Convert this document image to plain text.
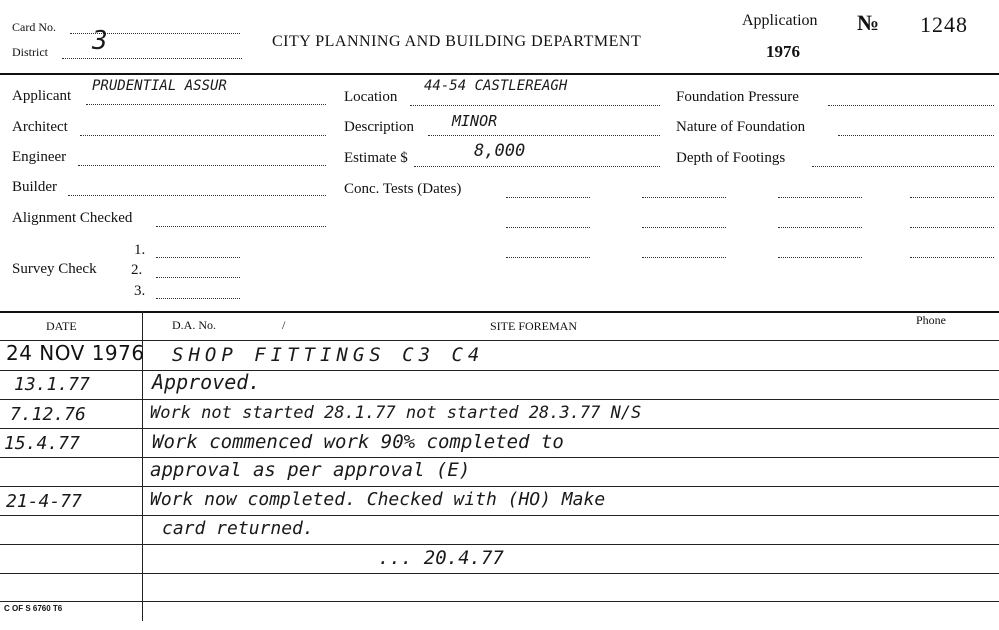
Card No.
District 3	CITY PLANNING AND BUILDING DEPARTMENT
Application
1976
№ 1248
Applicant
PRUDENTIAL ASSUR
Architect
Engineer
Builder
Alignment Checked
Survey Check
1.
2.
3.
Location
44-54 CASTLEREAGH
Description	MINOR
Estimate $	8,000
Conc. Tests (Dates)
Foundation Pressure
Nature of Foundation
Depth of Footings
DATE	D.A. No.	/	SITE FOREMAN	Phone
24 NOV 1976 SHOP FITTINGS C3 C4
13.1.77	Approved.
7.12.76	Work not started 28.1.77 not started 28.3.77 N/S
15.4.77	Work commenced work 90% completed to
approval as per approval (E)
21-4-77	Work now completed. Checked with (HO) Make
card returned.
... 20.4.77
C OF S 6760 T6
